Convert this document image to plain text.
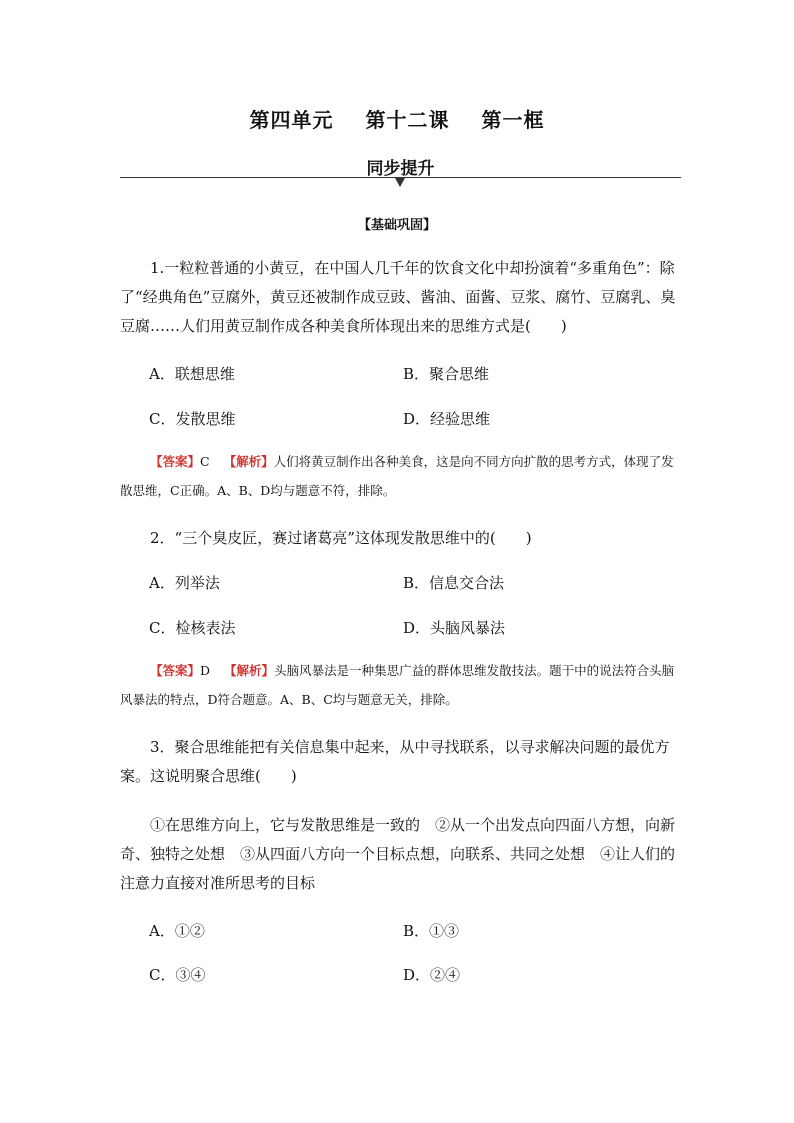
第四单元 第十二课 第一框
同步提升
【基础巩固】
1.一粒粒普通的小黄豆，在中国人几千年的饮食文化中却扮演着“多重角色”：除了“经典角色”豆腐外，黄豆还被制作成豆豉、酱油、面酱、豆浆、腐竹、豆腐乳、臭豆腐……人们用黄豆制作成各种美食所体现出来的思维方式是(　　)
A．联想思维	B．聚合思维
C．发散思维	D．经验思维
【答案】C 【解析】人们将黄豆制作出各种美食，这是向不同方向扩散的思考方式，体现了发散思维，C正确。A、B、D均与题意不符，排除。
2．“三个臭皮匠，赛过诸葛亮”这体现发散思维中的(　　)
A．列举法	B．信息交合法
C．检核表法	D．头脑风暴法
【答案】D 【解析】头脑风暴法是一种集思广益的群体思维发散技法。题干中的说法符合头脑风暴法的特点，D符合题意。A、B、C均与题意无关，排除。
3．聚合思维能把有关信息集中起来，从中寻找联系，以寻求解决问题的最优方案。这说明聚合思维(　　)
①在思维方向上，它与发散思维是一致的　②从一个出发点向四面八方想，向新奇、独特之处想　③从四面八方向一个目标点想，向联系、共同之处想　④让人们的注意力直接对准所思考的目标
A．①②	B．①③
C．③④	D．②④
